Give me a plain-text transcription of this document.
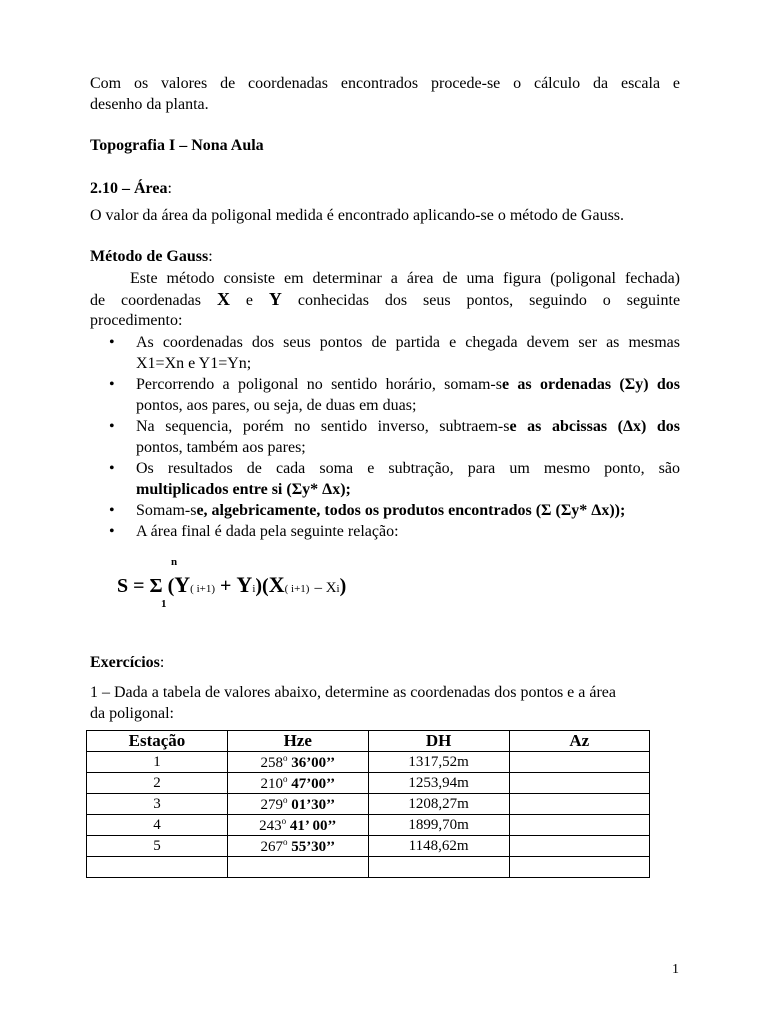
Com os valores de coordenadas encontrados procede-se o cálculo da escala e

desenho da planta.

Topografia I – Nona Aula

2.10 – Área:

O valor da área da poligonal medida é encontrado aplicando-se o método de Gauss.

Método de Gauss:

Este método consiste em determinar a área de uma figura (poligonal fechada)

de coordenadas X e Y conhecidas dos seus pontos, seguindo o seguinte

procedimento:

• As coordenadas dos seus pontos de partida e chegada devem ser as mesmas
X1=Xn e Y1=Yn;
• Percorrendo a poligonal no sentido horário, somam-se as ordenadas (Σy) dos
pontos, aos pares, ou seja, de duas em duas;
• Na sequencia, porém no sentido inverso, subtraem-se as abcissas (Δx) dos
pontos, também aos pares;
• Os resultados de cada soma e subtração, para um mesmo ponto, são
multiplicados entre si (Σy* Δx);
• Somam-se, algebricamente, todos os produtos encontrados (Σ (Σy* Δx));
• A área final é dada pela seguinte relação:
n
1
S = Σ (Y( i+1) + Yi)(X( i+1) – Xi)

Exercícios:

1 – Dada a tabela de valores abaixo, determine as coordenadas dos pontos e a área

da poligonal:

Estação	Hze	DH	Az
1	258$^o$ 36’00’’	1317,52m	
2	210$^o$ 47’00’’	1253,94m	
3	279$^o$ 01’30’’	1208,27m	
4	243$^o$ 41’ 00’’	1899,70m	
5	267$^o$ 55’30’’	1148,62m	

1
